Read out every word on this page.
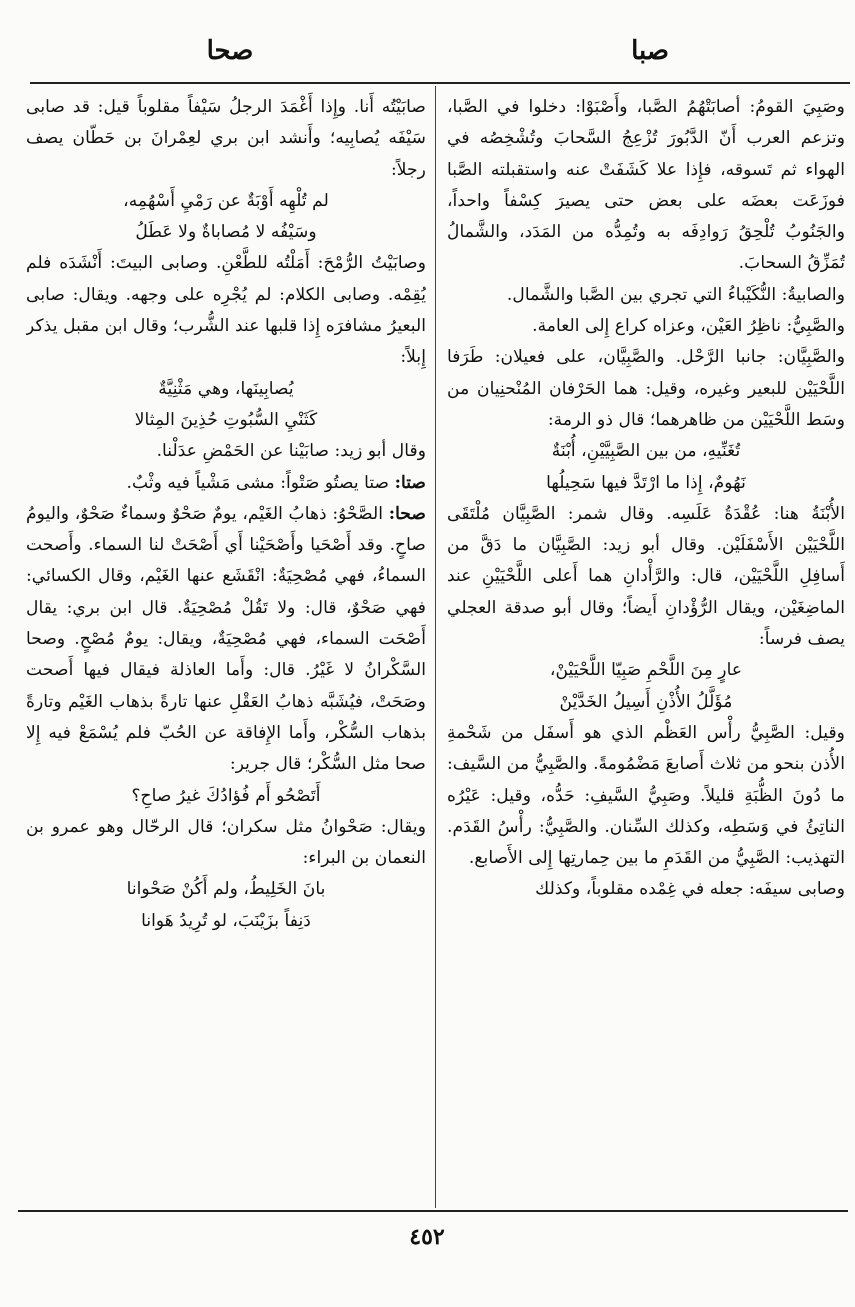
صبا
صحا

وصَبِيَ القومُ: أصابَتْهُمُ الصَّبا، وأَصْبَوْا: دخلوا في الصَّبا، وتزعم العرب أَنّ الدَّبُورَ تُزْعِجُ السَّحابَ وتُشْخِصُه في الهواء ثم تَسوقه، فإِذا علا كَشَفَتْ عنه واستقبلته الصَّبا فوزَعَت بعضَه على بعض حتى يصيرَ كِسْفاً واحداً، والجَنُوبُ تُلْحِقُ رَوادِفَه به وتُمِدُّه من المَدَد، والشَّمالُ تُمَزِّقُ السحابَ.

والصابيةُ: النُّكَيْباءُ التي تجري بين الصَّبا والشَّمال.

والصَّبِيُّ: ناظِرُ العَيْن، وعزاه كراع إِلى العامة.

والصَّبِيَّان: جانبا الرَّحْل. والصَّبِيَّان، على فعيلان: طَرَفا اللَّحْيَيْن للبعير وغيره، وقيل: هما الحَرْفان المُنْحنِيان من وسَط اللَّحْيَيْن من ظاهرهما؛ قال ذو الرمة:

تُغَنِّيهِ، من بين الصَّبِيَّيْنِ، أُبْنَةٌ

نَهُومٌ، إِذا ما ارْتَدَّ فيها سَحِيلُها

الأُبْنَةُ هنا: عُقْدَةُ عَلَسِه. وقال شمر: الصَّبِيَّان مُلْتَقَى اللَّحْيَيْن الأَسْفَلَيْن. وقال أبو زيد: الصَّبِيَّان ما دَقَّ من أَسافِلِ اللَّحْيَيْن، قال: والرَّأْدانِ هما أَعلى اللَّحْيَيْنِ عند الماضِغَيْن، ويقال الرُّؤْدانِ أَيضاً؛ وقال أبو صدقة العجلي يصف فرساً:

عارٍ مِنَ اللَّحْمِ صَبِيّا اللَّحْيَيْنْ،

مُؤَلَّلُ الأُذْنِ أَسِيلُ الخَدَّيْنْ

وقيل: الصَّبِيُّ رأْس العَظْم الذي هو أَسفَل من شَحْمةِ الأُذن بنحو من ثلاث أَصابعَ مَضْمُومةً. والصَّبِيُّ من السَّيف: ما دُونَ الظُّبَةِ قليلاً. وصَبِيُّ السَّيفِ: حَدُّه، وقيل: عَيْرُه الناتِئُ في وَسَطِه، وكذلك السِّنان. والصَّبِيُّ: رأْسُ القَدَم. التهذيب: الصَّبِيُّ من القَدَمِ ما بين حِمارتِها إِلى الأَصابع.

وصابى سيفَه: جعله في غِمْده مقلوباً، وكذلك

صابَيْتُه أَنا. وإِذا أَغْمَدَ الرجلُ سَيْفاً مقلوباً قيل: قد صابى سَيْفَه يُصابِيه؛ وأَنشد ابن بري لعِمْرانَ بن حَطّان يصف رجلاً:

لم تُلْهِه أَوْبَةٌ عن رَمْيِ أَسْهُمِه،

وسَيْفُه لا مُصاباةٌ ولا عَطَلُ

وصابَيْتُ الرُّمْحَ: أَمَلْتُه للطَّعْنِ. وصابى البيتَ: أَنْشَدَه فلم يُقِمْه. وصابى الكلام: لم يُجْرِه على وجهه. ويقال: صابى البعيرُ مشافرَه إِذا قلبها عند الشُّرب؛ وقال ابن مقبل يذكر إِبلاً:

يُصابِينَها، وهي مَثْنِيَّةٌ

كَثَنْيِ السُّبُوتِ حُذِينَ المِثالا

وقال أبو زيد: صابَيْنا عن الحَمْضِ عدَلْنا.

صتا: صتا يصتُو صَتْواً: مشى مَشْياً فيه وثْبٌ.

صحا: الصَّحْوُ: ذهابُ الغَيْم، يومٌ صَحْوٌ وسماءٌ صَحْوٌ، واليومُ صاحٍ. وقد أَصْحَيا وأَصْحَيْنا أَي أَصْحَتْ لنا السماء. وأَصحت السماءُ، فهي مُصْحِيَةٌ: انْقَشَع عنها الغَيْم، وقال الكسائي: فهي صَحْوٌ، قال: ولا تَقُلْ مُصْحِيَةٌ. قال ابن بري: يقال أَصْحَت السماء، فهي مُصْحِيَةٌ، ويقال: يومٌ مُصْحٍ. وصحا السَّكْرانُ لا غَيْرُ. قال: وأَما العاذلة فيقال فيها أَصحت وصَحَتْ، فيُشَبَّه ذهابُ العَقْلِ عنها تارةً بذهاب الغَيْم وتارةً بذهاب السُّكْر، وأَما الإِفاقة عن الحُبّ فلم يُسْمَعْ فيه إِلا صحا مثل السُّكْر؛ قال جرير:

أَتَصْحُو أَم فُؤادُكَ غيرُ صاحِ؟

ويقال: صَحْوانُ مثل سكران؛ قال الرحّال وهو عمرو بن النعمان بن البراء:

بانَ الخَلِيطُ، ولم أَكُنْ صَحْوانا

دَنِفاً بزَيْنَبَ، لو تُرِيدُ هَوانا

٤٥٢
